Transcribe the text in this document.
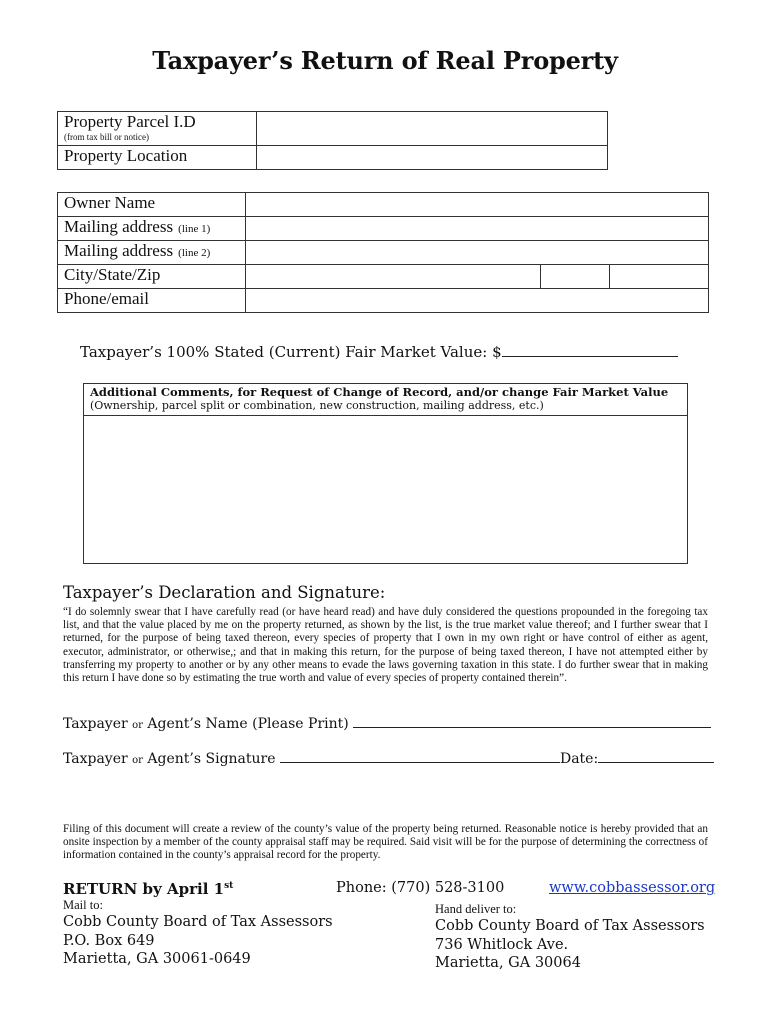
Taxpayer’s Return of Real Property
Property Parcel I.D
(from tax bill or notice)	

Property Location	
Owner Name			
Mailing address (line 1)			
Mailing address (line 2)			
City/State/Zip			
Phone/email			
Taxpayer’s 100% Stated (Current) Fair Market Value: $
Additional Comments, for Request of Change of Record, and/or change Fair Market Value
(Ownership, parcel split or combination, new construction, mailing address, etc.)
Taxpayer’s Declaration and Signature:
“I do solemnly swear that I have carefully read (or have heard read) and have duly considered the questions propounded in the foregoing tax list, and that the value placed by me on the property returned, as shown by the list, is the true market value thereof; and I further swear that I returned, for the purpose of being taxed thereon, every species of property that I own in my own right or have control of either as agent, executor, administrator, or otherwise,; and that in making this return, for the purpose of being taxed thereon, I have not attempted either by transferring my property to another or by any other means to evade the laws governing taxation in this state. I do further swear that in making this return I have done so by estimating the true worth and value of every species of property contained therein”.
Taxpayer or Agent’s Name (Please Print)
Taxpayer or Agent’s Signature	Date:
Filing of this document will create a review of the county’s value of the property being returned. Reasonable notice is hereby provided that an onsite inspection by a member of the county appraisal staff may be required. Said visit will be for the purpose of determining the correctness of information contained in the county’s appraisal record for the property.
RETURN by April 1st	Phone: (770) 528-3100	www.cobbassessor.org
Mail to:
Cobb County Board of Tax Assessors
P.O. Box 649
Marietta, GA 30061-0649
Hand deliver to:
Cobb County Board of Tax Assessors
736 Whitlock Ave.
Marietta, GA 30064
